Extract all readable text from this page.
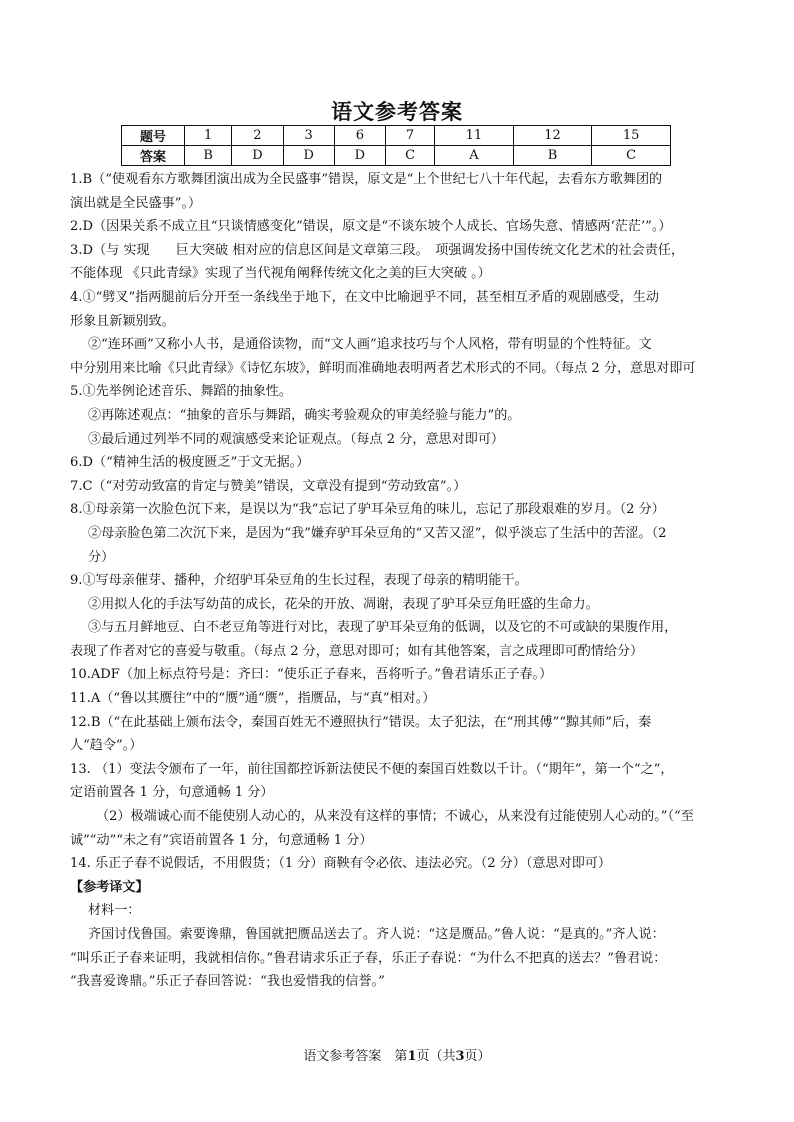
语文参考答案
题号	1	2	3	6	7	11	12	15
答案	B	D	D	D	C	A	B	C

1.B（“使观看东方歌舞团演出成为全民盛事”错误，原文是“上个世纪七八十年代起，去看东方歌舞团的

演出就是全民盛事”。）

2.D（因果关系不成立且“只谈情感变化”错误，原文是“不谈东坡个人成长、官场失意、情感两‘茫茫’”。）

3.D（与 实现　　巨大突破 相对应的信息区间是文章第三段。　项强调发扬中国传统文化艺术的社会责任，

不能体现 《只此青绿》实现了当代视角阐释传统文化之美的巨大突破 。）

4.①“劈叉”指两腿前后分开至一条线坐于地下，在文中比喻迥乎不同，甚至相互矛盾的观剧感受，生动

形象且新颖别致。

②“连环画”又称小人书，是通俗读物，而“文人画”追求技巧与个人风格，带有明显的个性特征。文

中分别用来比喻《只此青绿》《诗忆东坡》，鲜明而准确地表明两者艺术形式的不同。（每点 2 分，意思对即可

5.①先举例论述音乐、舞蹈的抽象性。

②再陈述观点：“抽象的音乐与舞蹈，确实考验观众的审美经验与能力”的。

③最后通过列举不同的观演感受来论证观点。（每点 2 分，意思对即可）

6.D（“精神生活的极度匮乏”于文无据。）

7.C（“对劳动致富的肯定与赞美”错误，文章没有提到“劳动致富”。）

8.①母亲第一次脸色沉下来，是误以为“我”忘记了驴耳朵豆角的味儿，忘记了那段艰难的岁月。（2 分）

②母亲脸色第二次沉下来，是因为“我”嫌弃驴耳朵豆角的“又苦又涩”，似乎淡忘了生活中的苦涩。（2

分）

9.①写母亲催芽、播种，介绍驴耳朵豆角的生长过程，表现了母亲的精明能干。

②用拟人化的手法写幼苗的成长，花朵的开放、凋谢，表现了驴耳朵豆角旺盛的生命力。

③与五月鲜地豆、白不老豆角等进行对比，表现了驴耳朵豆角的低调，以及它的不可或缺的果腹作用，

表现了作者对它的喜爱与敬重。（每点 2 分，意思对即可；如有其他答案，言之成理即可酌情给分）

10.ADF（加上标点符号是：齐曰：“使乐正子春来，吾将听子。”鲁君请乐正子春。）

11.A（“鲁以其赝往”中的“赝”通“赝”，指赝品，与“真”相对。）

12.B（“在此基础上颁布法令，秦国百姓无不遵照执行”错误。太子犯法，在“刑其傅”“黥其师”后，秦

人“趋令”。）

13. （1）变法令颁布了一年，前往国都控诉新法使民不便的秦国百姓数以千计。（“期年”，第一个“之”，

定语前置各 1 分，句意通畅 1 分）

（2）极端诚心而不能使别人动心的，从来没有这样的事情；不诚心，从来没有过能使别人心动的。”（“至

诚”“动”“未之有”宾语前置各 1 分，句意通畅 1 分）

14. 乐正子春不说假话，不用假货；（1 分）商鞅有令必依、违法必究。（2 分）（意思对即可）

【参考译文】

材料一：

齐国讨伐鲁国。索要谗鼎，鲁国就把赝品送去了。齐人说：“这是赝品。”鲁人说：“是真的。”齐人说：

“叫乐正子春来证明，我就相信你。”鲁君请求乐正子春，乐正子春说：“为什么不把真的送去？”鲁君说：

“我喜爱谗鼎。”乐正子春回答说：“我也爱惜我的信誉。”

语文参考答案　第1页（共3页）
